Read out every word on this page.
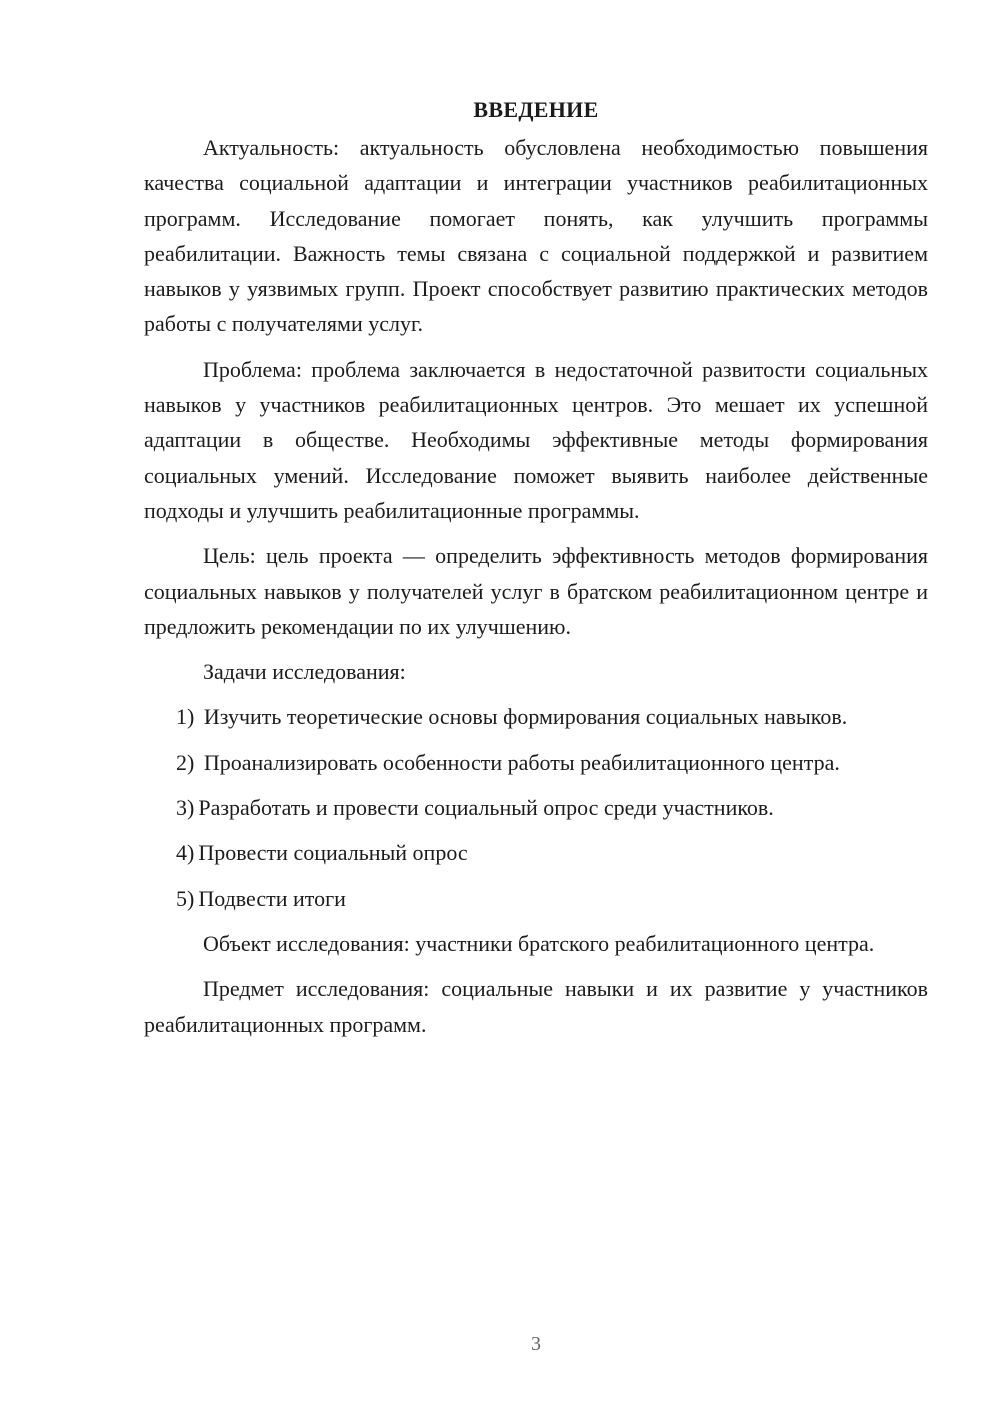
ВВЕДЕНИЕ

Актуальность: актуальность обусловлена необходимостью повышения качества социальной адаптации и интеграции участников реабилитационных программ. Исследование помогает понять, как улучшить программы реабилитации. Важность темы связана с социальной поддержкой и развитием навыков у уязвимых групп. Проект способствует развитию практических методов работы с получателями услуг.

Проблема: проблема заключается в недостаточной развитости социальных навыков у участников реабилитационных центров. Это мешает их успешной адаптации в обществе. Необходимы эффективные методы формирования социальных умений. Исследование поможет выявить наиболее действенные подходы и улучшить реабилитационные программы.

Цель: цель проекта — определить эффективность методов формирования социальных навыков у получателей услуг в братском реабилитационном центре и предложить рекомендации по их улучшению.

Задачи исследования:

1) Изучить теоретические основы формирования социальных навыков.

2) Проанализировать особенности работы реабилитационного центра.

3) Разработать и провести социальный опрос среди участников.

4) Провести социальный опрос

5) Подвести итоги

Объект исследования: участники братского реабилитационного центра.

Предмет исследования: социальные навыки и их развитие у участников реабилитационных программ.

3
